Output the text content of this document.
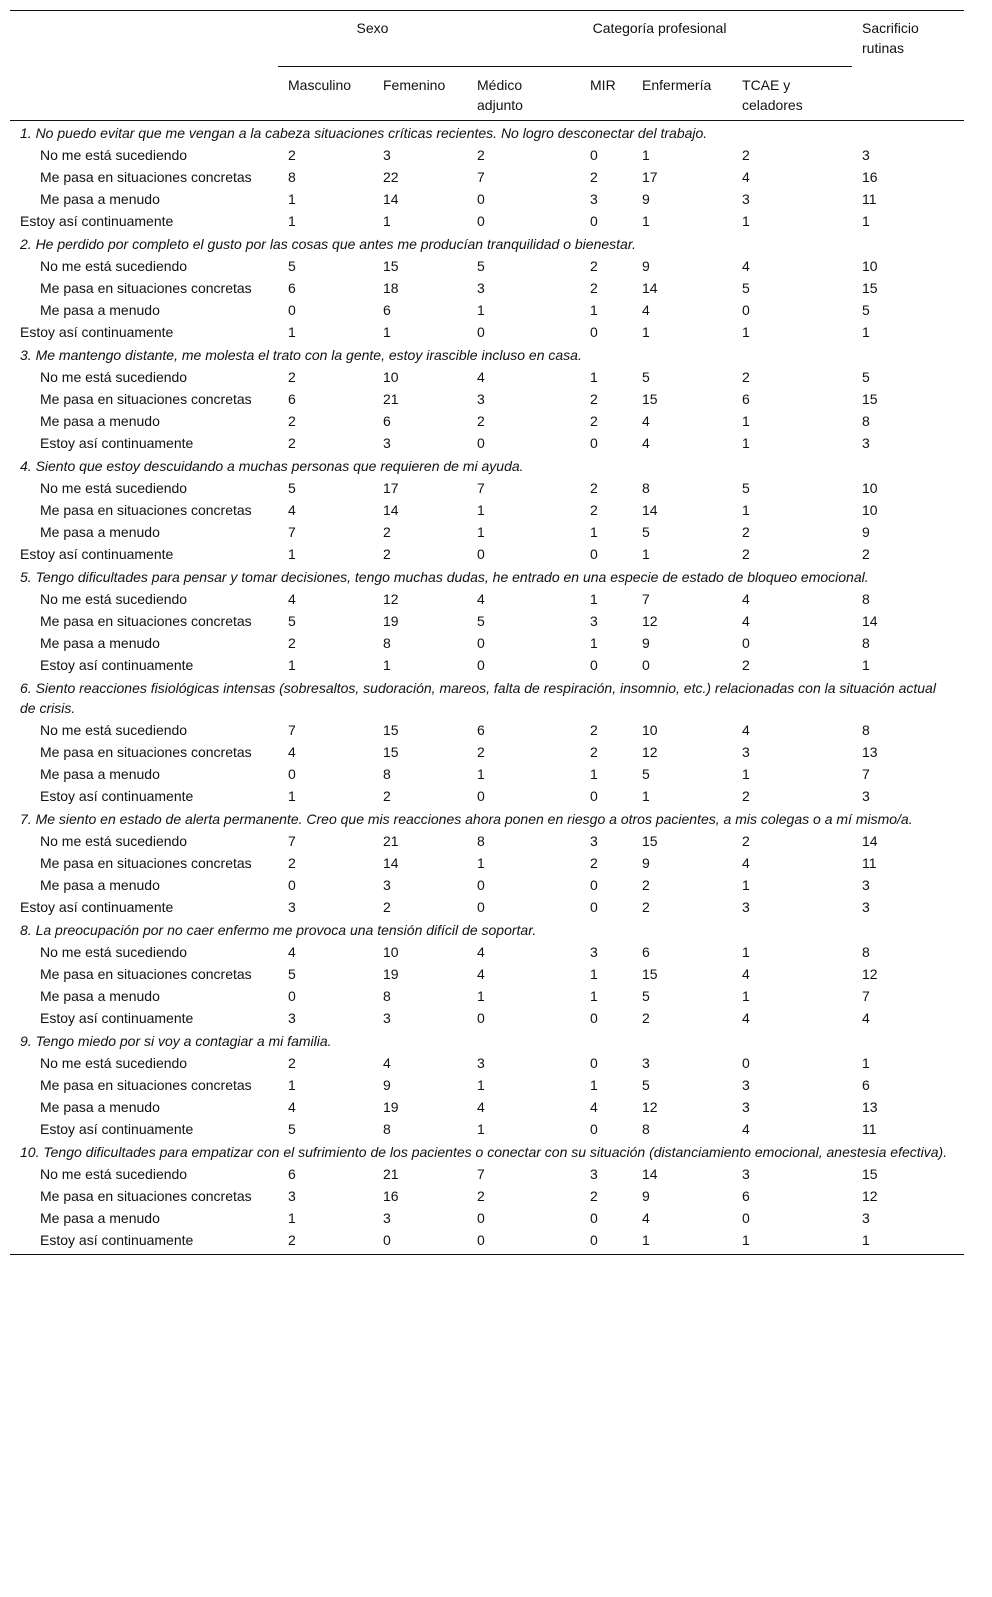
	Sexo		Categoría profesional				Sacrificio rutinas
	Masculino	Femenino	Médico adjunto	MIR	Enfermería	TCAE y celadores	
1. No puedo evitar que me vengan a la cabeza situaciones críticas recientes. No logro desconectar del trabajo.							
No me está sucediendo	2	3	2	0	1	2	3
Me pasa en situaciones concretas	8	22	7	2	17	4	16
Me pasa a menudo	1	14	0	3	9	3	11
Estoy así continuamente	1	1	0	0	1	1	1
2. He perdido por completo el gusto por las cosas que antes me producían tranquilidad o bienestar.							
No me está sucediendo	5	15	5	2	9	4	10
Me pasa en situaciones concretas	6	18	3	2	14	5	15
Me pasa a menudo	0	6	1	1	4	0	5
Estoy así continuamente	1	1	0	0	1	1	1
3. Me mantengo distante, me molesta el trato con la gente, estoy irascible incluso en casa.							
No me está sucediendo	2	10	4	1	5	2	5
Me pasa en situaciones concretas	6	21	3	2	15	6	15
Me pasa a menudo	2	6	2	2	4	1	8
Estoy así continuamente	2	3	0	0	4	1	3
4. Siento que estoy descuidando a muchas personas que requieren de mi ayuda.							
No me está sucediendo	5	17	7	2	8	5	10
Me pasa en situaciones concretas	4	14	1	2	14	1	10
Me pasa a menudo	7	2	1	1	5	2	9
Estoy así continuamente	1	2	0	0	1	2	2
5. Tengo dificultades para pensar y tomar decisiones, tengo muchas dudas, he entrado en una especie de estado de bloqueo emocional.							
No me está sucediendo	4	12	4	1	7	4	8
Me pasa en situaciones concretas	5	19	5	3	12	4	14
Me pasa a menudo	2	8	0	1	9	0	8
Estoy así continuamente	1	1	0	0	0	2	1
6. Siento reacciones fisiológicas intensas (sobresaltos, sudoración, mareos, falta de respiración, insomnio, etc.) relacionadas con la situación actual de crisis.							
No me está sucediendo	7	15	6	2	10	4	8
Me pasa en situaciones concretas	4	15	2	2	12	3	13
Me pasa a menudo	0	8	1	1	5	1	7
Estoy así continuamente	1	2	0	0	1	2	3
7. Me siento en estado de alerta permanente. Creo que mis reacciones ahora ponen en riesgo a otros pacientes, a mis colegas o a mí mismo/a.							
No me está sucediendo	7	21	8	3	15	2	14
Me pasa en situaciones concretas	2	14	1	2	9	4	11
Me pasa a menudo	0	3	0	0	2	1	3
Estoy así continuamente	3	2	0	0	2	3	3
8. La preocupación por no caer enfermo me provoca una tensión difícil de soportar.							
No me está sucediendo	4	10	4	3	6	1	8
Me pasa en situaciones concretas	5	19	4	1	15	4	12
Me pasa a menudo	0	8	1	1	5	1	7
Estoy así continuamente	3	3	0	0	2	4	4
9. Tengo miedo por si voy a contagiar a mi familia.							
No me está sucediendo	2	4	3	0	3	0	1
Me pasa en situaciones concretas	1	9	1	1	5	3	6
Me pasa a menudo	4	19	4	4	12	3	13
Estoy así continuamente	5	8	1	0	8	4	11
10. Tengo dificultades para empatizar con el sufrimiento de los pacientes o conectar con su situación (distanciamiento emocional, anestesia efectiva).							
No me está sucediendo	6	21	7	3	14	3	15
Me pasa en situaciones concretas	3	16	2	2	9	6	12
Me pasa a menudo	1	3	0	0	4	0	3
Estoy así continuamente	2	0	0	0	1	1	1
